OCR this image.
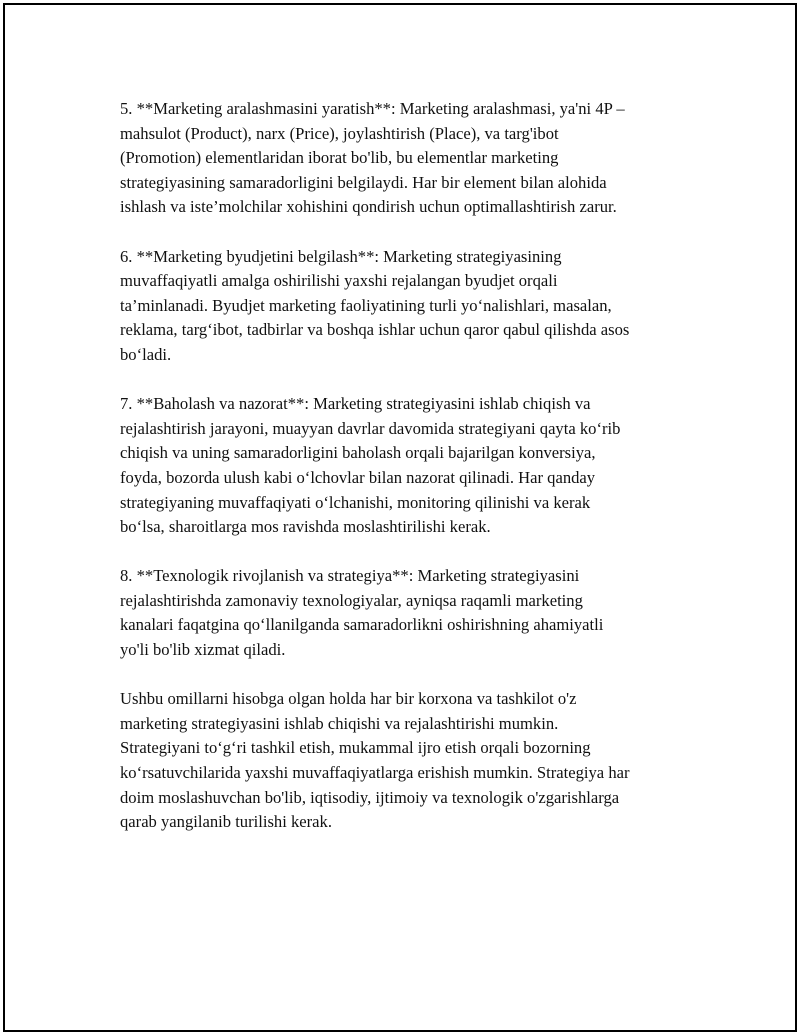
5. **Marketing aralashmasini yaratish**: Marketing aralashmasi, ya'ni 4P –
mahsulot (Product), narx (Price), joylashtirish (Place), va targ'ibot
(Promotion) elementlaridan iborat bo'lib, bu elementlar marketing
strategiyasining samaradorligini belgilaydi. Har bir element bilan alohida
ishlash va iste’molchilar xohishini qondirish uchun optimallashtirish zarur.

6. **Marketing byudjetini belgilash**: Marketing strategiyasining
muvaffaqiyatli amalga oshirilishi yaxshi rejalangan byudjet orqali
ta’minlanadi. Byudjet marketing faoliyatining turli yo‘nalishlari, masalan,
reklama, targ‘ibot, tadbirlar va boshqa ishlar uchun qaror qabul qilishda asos
bo‘ladi.

7. **Baholash va nazorat**: Marketing strategiyasini ishlab chiqish va
rejalashtirish jarayoni, muayyan davrlar davomida strategiyani qayta ko‘rib
chiqish va uning samaradorligini baholash orqali bajarilgan konversiya,
foyda, bozorda ulush kabi o‘lchovlar bilan nazorat qilinadi. Har qanday
strategiyaning muvaffaqiyati o‘lchanishi, monitoring qilinishi va kerak
bo‘lsa, sharoitlarga mos ravishda moslashtirilishi kerak.

8. **Texnologik rivojlanish va strategiya**: Marketing strategiyasini
rejalashtirishda zamonaviy texnologiyalar, ayniqsa raqamli marketing
kanalari faqatgina qo‘llanilganda samaradorlikni oshirishning ahamiyatli
yo'li bo'lib xizmat qiladi.

Ushbu omillarni hisobga olgan holda har bir korxona va tashkilot o'z
marketing strategiyasini ishlab chiqishi va rejalashtirishi mumkin.
Strategiyani to‘g‘ri tashkil etish, mukammal ijro etish orqali bozorning
ko‘rsatuvchilarida yaxshi muvaffaqiyatlarga erishish mumkin. Strategiya har
doim moslashuvchan bo'lib, iqtisodiy, ijtimoiy va texnologik o'zgarishlarga
qarab yangilanib turilishi kerak.
